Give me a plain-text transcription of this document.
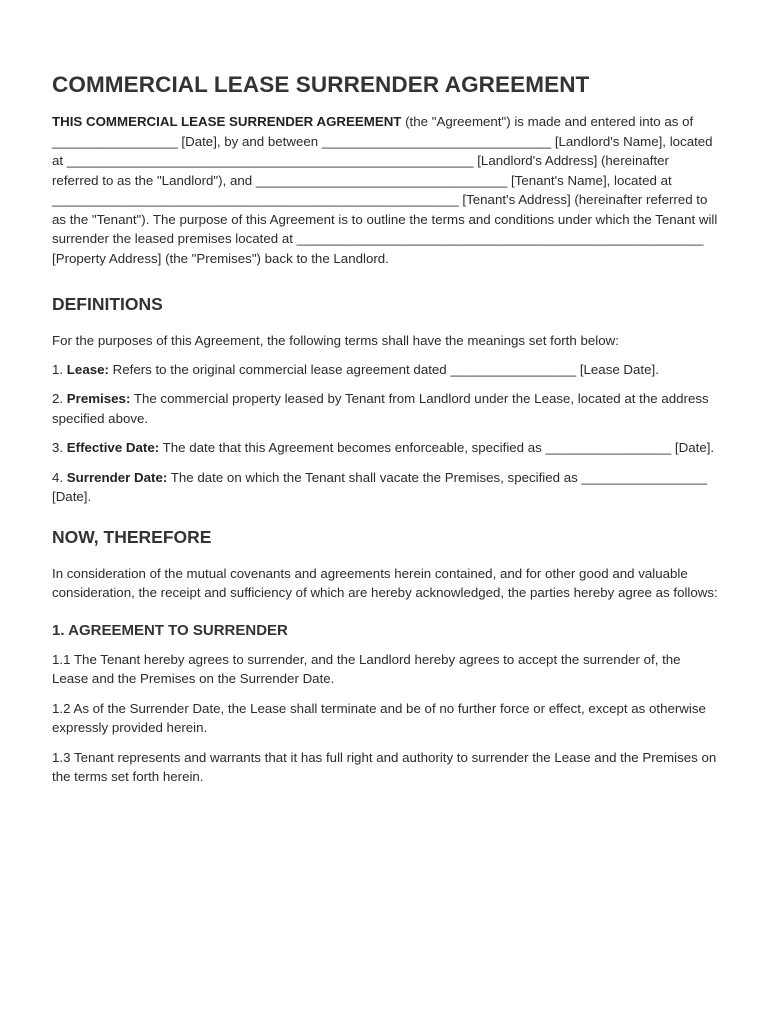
COMMERCIAL LEASE SURRENDER AGREEMENT

THIS COMMERCIAL LEASE SURRENDER AGREEMENT (the "Agreement") is made and entered into as of _________________ [Date], by and between _______________________________ [Landlord's Name], located at _______________________________________________________ [Landlord's Address] (hereinafter referred to as the "Landlord"), and __________________________________ [Tenant's Name], located at _______________________________________________________ [Tenant's Address] (hereinafter referred to as the "Tenant"). The purpose of this Agreement is to outline the terms and conditions under which the Tenant will surrender the leased premises located at _______________________________________________________ [Property Address] (the "Premises") back to the Landlord.

DEFINITIONS

For the purposes of this Agreement, the following terms shall have the meanings set forth below:

1. Lease: Refers to the original commercial lease agreement dated _________________ [Lease Date].

2. Premises: The commercial property leased by Tenant from Landlord under the Lease, located at the address specified above.

3. Effective Date: The date that this Agreement becomes enforceable, specified as _________________ [Date].

4. Surrender Date: The date on which the Tenant shall vacate the Premises, specified as _________________ [Date].

NOW, THEREFORE

In consideration of the mutual covenants and agreements herein contained, and for other good and valuable consideration, the receipt and sufficiency of which are hereby acknowledged, the parties hereby agree as follows:

1. AGREEMENT TO SURRENDER

1.1 The Tenant hereby agrees to surrender, and the Landlord hereby agrees to accept the surrender of, the Lease and the Premises on the Surrender Date.

1.2 As of the Surrender Date, the Lease shall terminate and be of no further force or effect, except as otherwise expressly provided herein.

1.3 Tenant represents and warrants that it has full right and authority to surrender the Lease and the Premises on the terms set forth herein.
